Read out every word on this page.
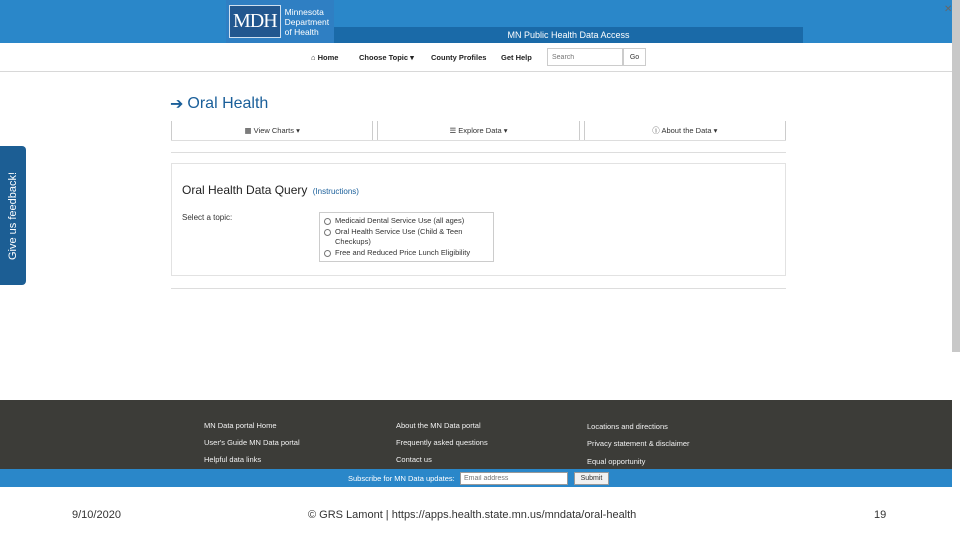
MDH Minnesota
Department
of Health	MN Public Health Data Access
✕
⌂ Home	Choose Topic ▾ County Profiles Get Help
Search	Go
Give us feedback!
➔ Oral Health
▦ View Charts ▾	☰ Explore Data ▾	ⓘ About the Data ▾
Oral Health Data Query (Instructions)
Select a topic:	Medicaid Dental Service Use (all ages)
Oral Health Service Use (Child & Teen Checkups)
Free and Reduced Price Lunch Eligibility
MN Data portal Home
User's Guide MN Data portal
Helpful data links
About the MN Data portal
Frequently asked questions
Contact us
Locations and directions
Privacy statement & disclaimer
Equal opportunity
Subscribe for MN Data updates:
Email address	Submit
9/10/2020	© GRS Lamont | https://apps.health.state.mn.us/mndata/oral-health	19
